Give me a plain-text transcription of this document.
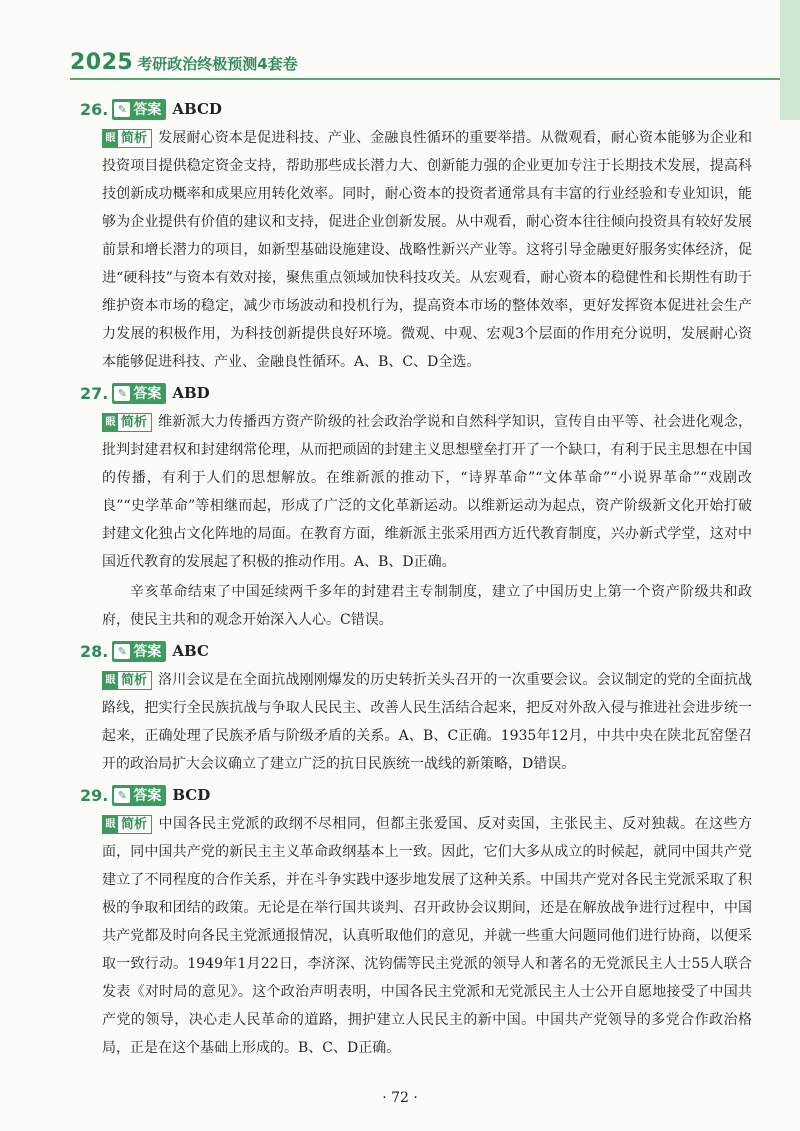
2025 考研政治终极预测4套卷
26. ✎ 答案 ABCD
眼 简析 发展耐心资本是促进科技、产业、金融良性循环的重要举措。从微观看，耐心资本能够为企业和投资项目提供稳定资金支持，帮助那些成长潜力大、创新能力强的企业更加专注于长期技术发展，提高科技创新成功概率和成果应用转化效率。同时，耐心资本的投资者通常具有丰富的行业经验和专业知识，能够为企业提供有价值的建议和支持，促进企业创新发展。从中观看，耐心资本往往倾向投资具有较好发展前景和增长潜力的项目，如新型基础设施建设、战略性新兴产业等。这将引导金融更好服务实体经济，促进“硬科技”与资本有效对接，聚焦重点领域加快科技攻关。从宏观看，耐心资本的稳健性和长期性有助于维护资本市场的稳定，减少市场波动和投机行为，提高资本市场的整体效率，更好发挥资本促进社会生产力发展的积极作用，为科技创新提供良好环境。微观、中观、宏观3个层面的作用充分说明，发展耐心资本能够促进科技、产业、金融良性循环。A、B、C、D全选。
27. ✎ 答案 ABD
眼 简析 维新派大力传播西方资产阶级的社会政治学说和自然科学知识，宣传自由平等、社会进化观念，批判封建君权和封建纲常伦理，从而把顽固的封建主义思想壁垒打开了一个缺口，有利于民主思想在中国的传播，有利于人们的思想解放。在维新派的推动下，“诗界革命”“文体革命”“小说界革命”“戏剧改良”“史学革命”等相继而起，形成了广泛的文化革新运动。以维新运动为起点，资产阶级新文化开始打破封建文化独占文化阵地的局面。在教育方面，维新派主张采用西方近代教育制度，兴办新式学堂，这对中国近代教育的发展起了积极的推动作用。A、B、D正确。
辛亥革命结束了中国延续两千多年的封建君主专制制度，建立了中国历史上第一个资产阶级共和政府，使民主共和的观念开始深入人心。C错误。
28. ✎ 答案 ABC
眼 简析 洛川会议是在全面抗战刚刚爆发的历史转折关头召开的一次重要会议。会议制定的党的全面抗战路线，把实行全民族抗战与争取人民民主、改善人民生活结合起来，把反对外敌入侵与推进社会进步统一起来，正确处理了民族矛盾与阶级矛盾的关系。A、B、C正确。1935年12月，中共中央在陕北瓦窑堡召开的政治局扩大会议确立了建立广泛的抗日民族统一战线的新策略，D错误。
29. ✎ 答案 BCD
眼 简析 中国各民主党派的政纲不尽相同，但都主张爱国、反对卖国，主张民主、反对独裁。在这些方面，同中国共产党的新民主主义革命政纲基本上一致。因此，它们大多从成立的时候起，就同中国共产党建立了不同程度的合作关系，并在斗争实践中逐步地发展了这种关系。中国共产党对各民主党派采取了积极的争取和团结的政策。无论是在举行国共谈判、召开政协会议期间，还是在解放战争进行过程中，中国共产党都及时向各民主党派通报情况，认真听取他们的意见，并就一些重大问题同他们进行协商，以便采取一致行动。1949年1月22日，李济深、沈钧儒等民主党派的领导人和著名的无党派民主人士55人联合发表《对时局的意见》。这个政治声明表明，中国各民主党派和无党派民主人士公开自愿地接受了中国共产党的领导，决心走人民革命的道路，拥护建立人民民主的新中国。中国共产党领导的多党合作政治格局，正是在这个基础上形成的。B、C、D正确。
· 72 ·
